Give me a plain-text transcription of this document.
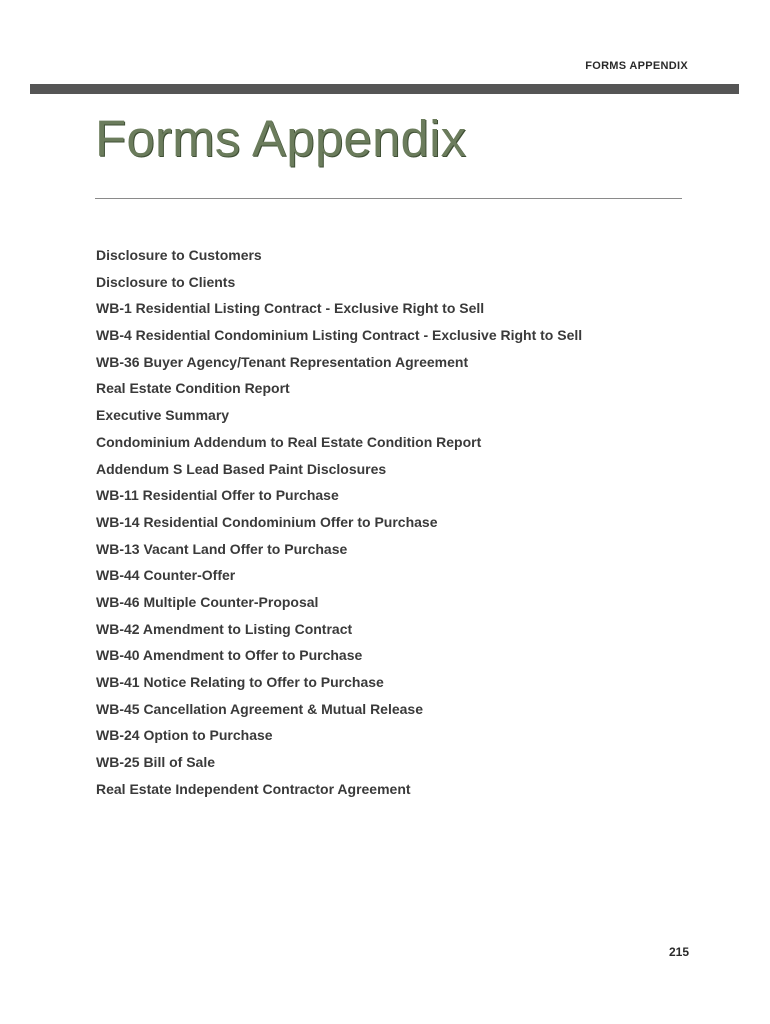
FORMS APPENDIX
Forms Appendix
Disclosure to Customers
Disclosure to Clients
WB-1 Residential Listing Contract - Exclusive Right to Sell
WB-4 Residential Condominium Listing Contract - Exclusive Right to Sell
WB-36 Buyer Agency/Tenant Representation Agreement
Real Estate Condition Report
Executive Summary
Condominium Addendum to Real Estate Condition Report
Addendum S Lead Based Paint Disclosures
WB-11 Residential Offer to Purchase
WB-14 Residential Condominium Offer to Purchase
WB-13 Vacant Land Offer to Purchase
WB-44 Counter-Offer
WB-46 Multiple Counter-Proposal
WB-42 Amendment to Listing Contract
WB-40 Amendment to Offer to Purchase
WB-41 Notice Relating to Offer to Purchase
WB-45 Cancellation Agreement & Mutual Release
WB-24 Option to Purchase
WB-25 Bill of Sale
Real Estate Independent Contractor Agreement
215
